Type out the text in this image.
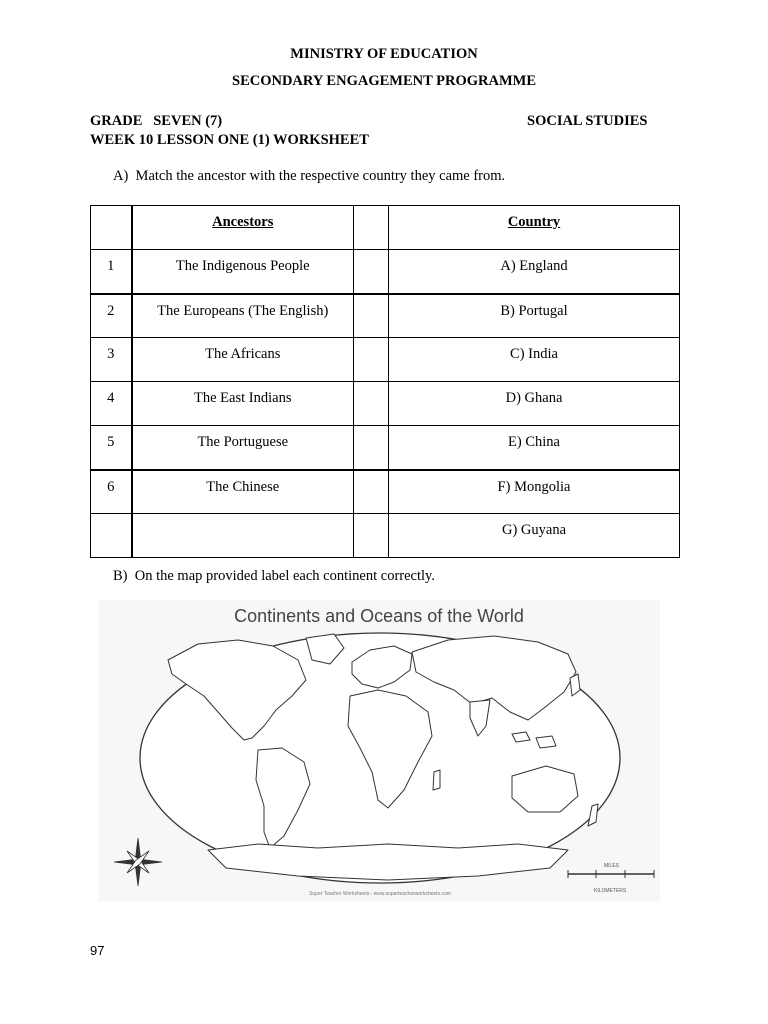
MINISTRY OF EDUCATION
SECONDARY ENGAGEMENT PROGRAMME
GRADE   SEVEN (7)	SOCIAL STUDIES
WEEK 10 LESSON ONE (1) WORKSHEET
A)  Match the ancestor with the respective country they came from.
	Ancestors		Country
1	The Indigenous People		A) England
2	The Europeans (The English)		B) Portugal
3	The Africans		C) India
4	The East Indians		D) Ghana
5	The Portuguese		E) China
6	The Chinese		F) Mongolia
			G) Guyana
B)  On the map provided label each continent correctly.
Continents and Oceans of the World
MILES
KILOMETERS
Super Teacher Worksheets - www.superteacherworksheets.com
97
